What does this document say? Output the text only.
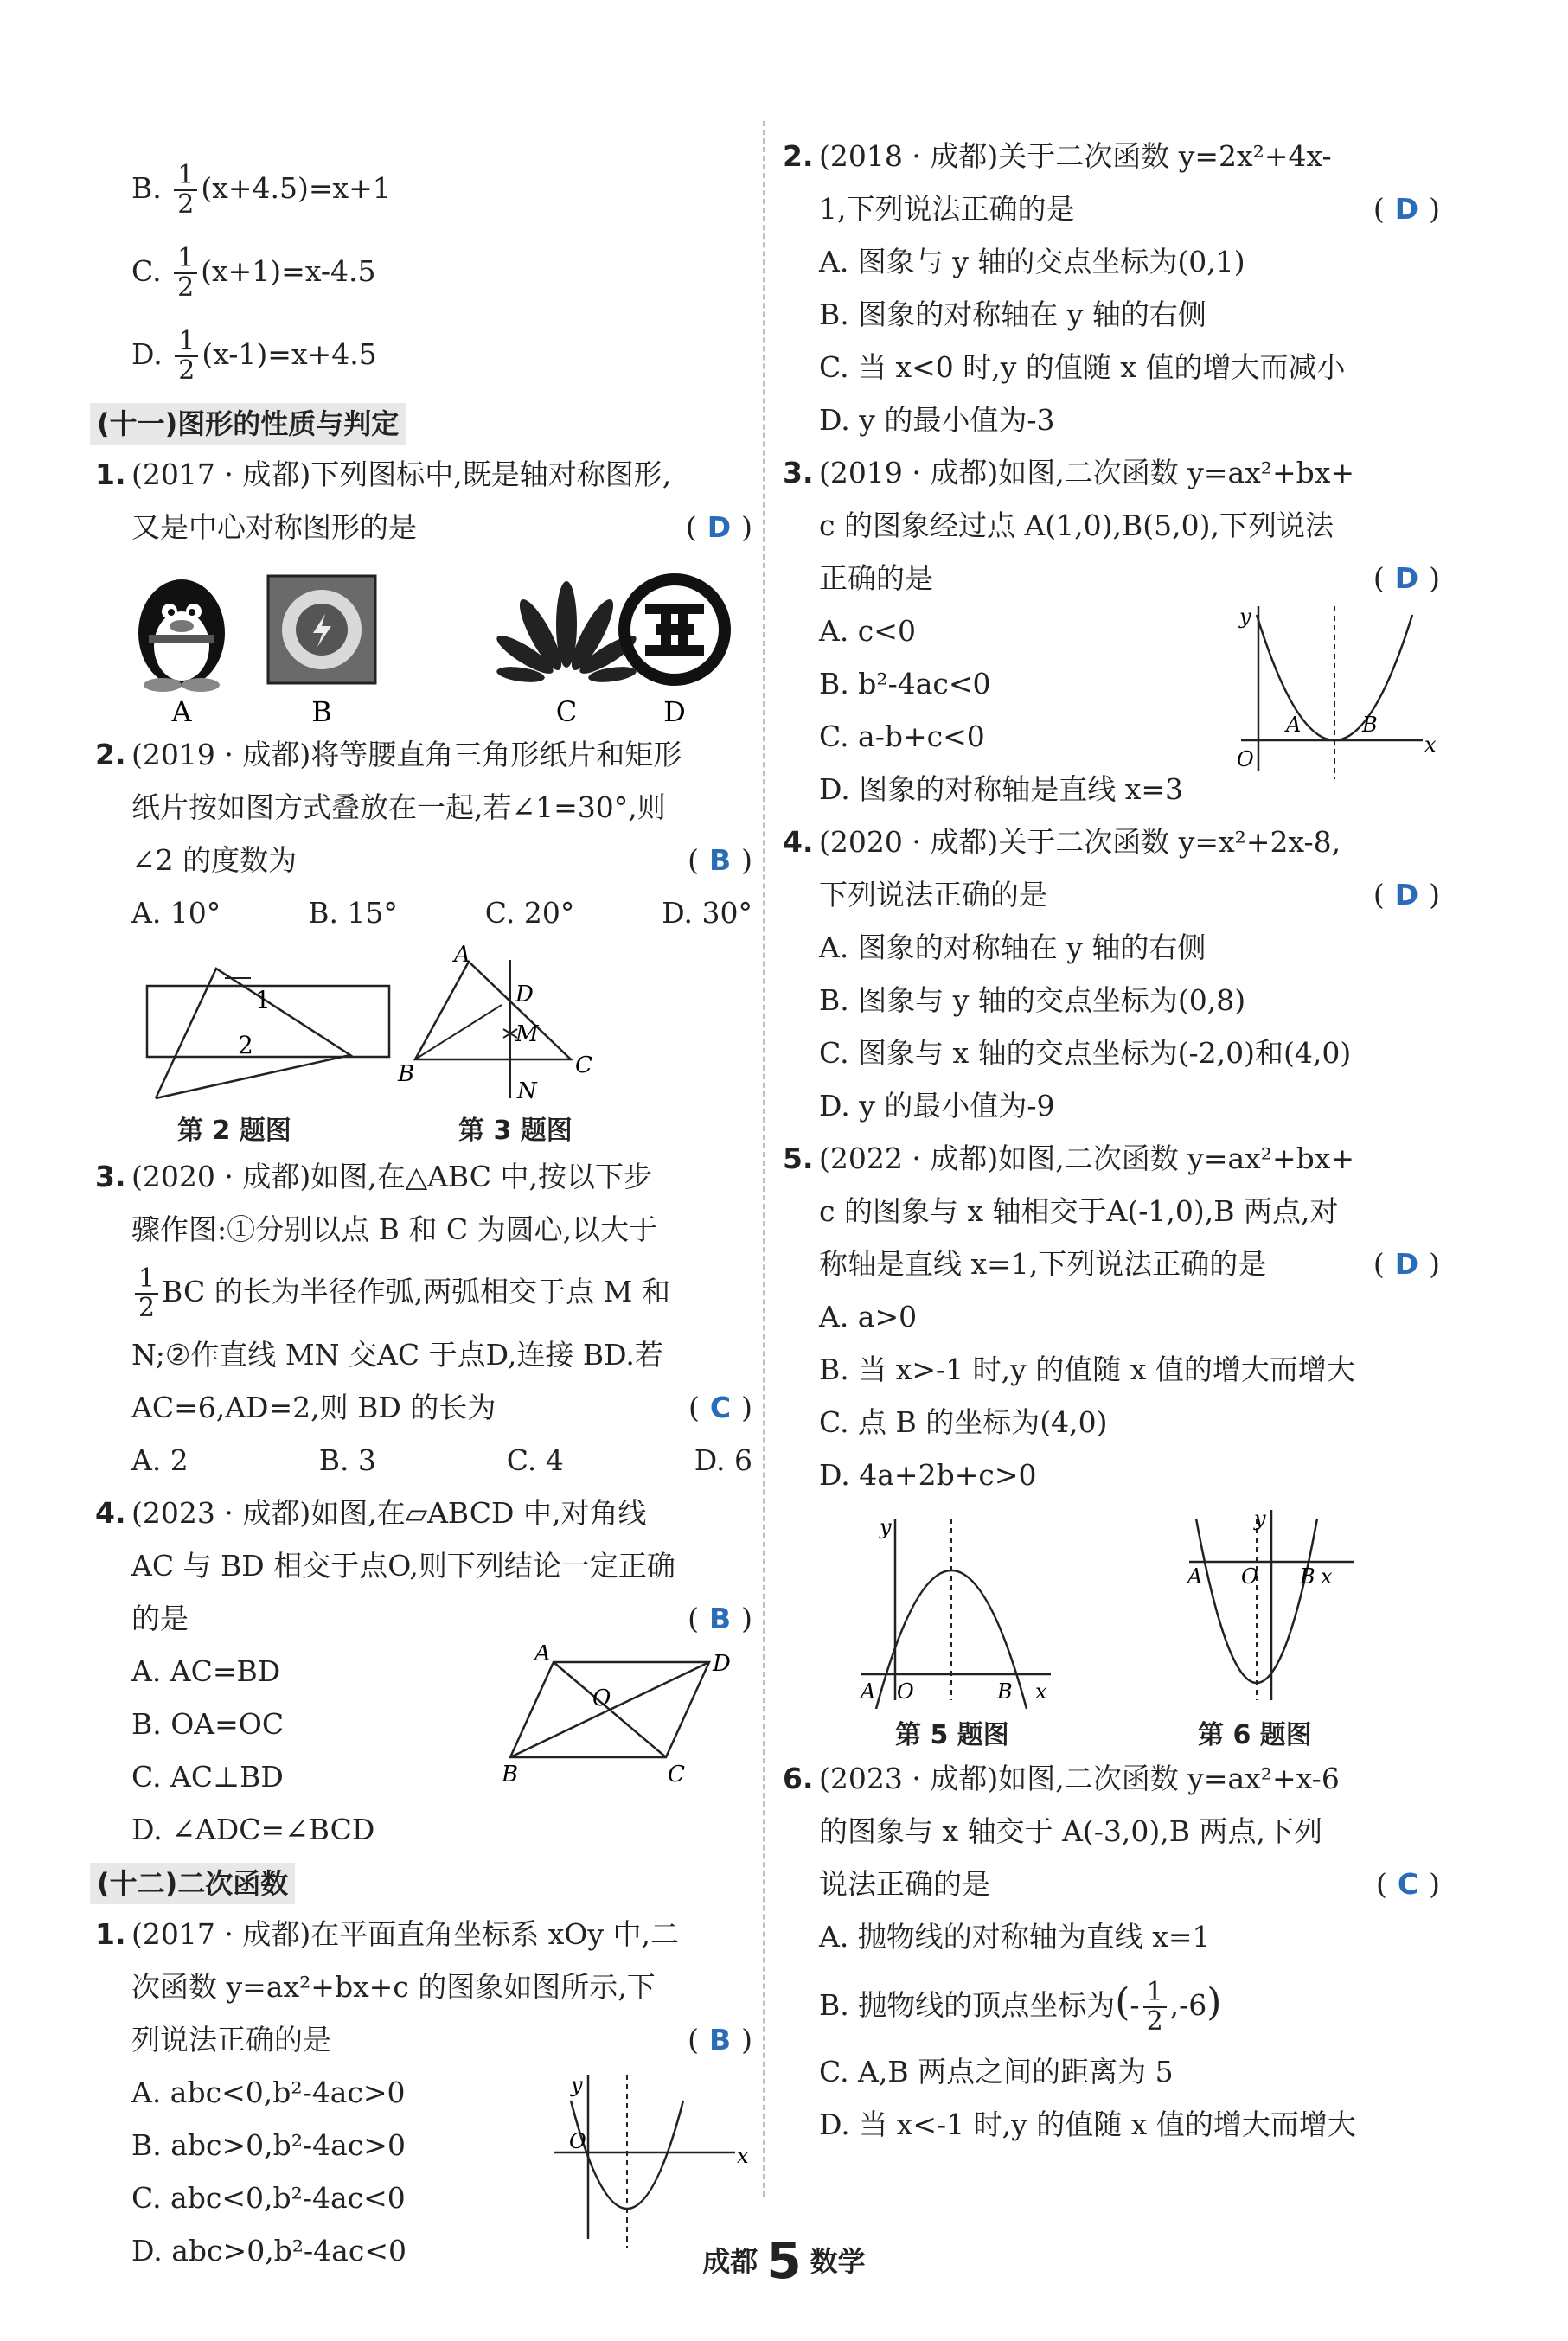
B. $\frac{1}{2} (x+4.5)=x+1$
C. $\frac{1}{2} (x+1)=x-4.5$
D. $\frac{1}{2} (x-1)=x+4.5$
(十一)图形的性质与判定
1. (2017 · 成都)下列图标中,既是轴对称图形,
又是中心对称图形的是	( D )
A	B	C	D
2. (2019 · 成都)将等腰直角三角形纸片和矩形
纸片按如图方式叠放在一起,若∠1=30°,则
∠2 的度数为	( B )
A. 10°	B. 15°	C. 20°	D. 30°
1
2
A
D
M
B	C
N
第 2 题图	第 3 题图
3. (2020 · 成都)如图,在△ABC 中,按以下步
骤作图:①分别以点 B 和 C 为圆心,以大于
$\frac{1}{2}$ BC 的长为半径作弧,两弧相交于点 M 和
N;②作直线 MN 交AC 于点D,连接 BD.若
AC=6,AD=2,则 BD 的长为	( C )
A. 2	B. 3	C. 4	D. 6
4. (2023 · 成都)如图,在▱ABCD 中,对角线
AC 与 BD 相交于点O,则下列结论一定正确
的是	( B )
A. AC=BD
B. OA=OC
C. AC⊥BD
D. ∠ADC=∠BCD
A	D
O
B	C
(十二)二次函数
1. (2017 · 成都)在平面直角坐标系 xOy 中,二
次函数 y=ax²+bx+c 的图象如图所示,下
列说法正确的是	( B )
A. abc<0,b²-4ac>0
B. abc>0,b²-4ac>0
C. abc<0,b²-4ac<0
D. abc>0,b²-4ac<0
y
O
x
2. (2018 · 成都)关于二次函数 y=2x²+4x-
1,下列说法正确的是	( D )
A. 图象与 y 轴的交点坐标为(0,1)
B. 图象的对称轴在 y 轴的右侧
C. 当 x<0 时,y 的值随 x 值的增大而减小
D. y 的最小值为-3
3. (2019 · 成都)如图,二次函数 y=ax²+bx+
c 的图象经过点 A(1,0),B(5,0),下列说法
正确的是	( D )
A. c<0
B. b²-4ac<0
C. a-b+c<0
D. 图象的对称轴是直线 x=3
y
O
A	B
x
4. (2020 · 成都)关于二次函数 y=x²+2x-8,
下列说法正确的是	( D )
A. 图象的对称轴在 y 轴的右侧
B. 图象与 y 轴的交点坐标为(0,8)
C. 图象与 x 轴的交点坐标为(-2,0)和(4,0)
D. y 的最小值为-9
5. (2022 · 成都)如图,二次函数 y=ax²+bx+
c 的图象与 x 轴相交于A(-1,0),B 两点,对
称轴是直线 x=1,下列说法正确的是	( D )
A. a>0
B. 当 x>-1 时,y 的值随 x 值的增大而增大
C. 点 B 的坐标为(4,0)
D. 4a+2b+c>0
y
A O	B x
y
A O B x
第 5 题图	第 6 题图
6. (2023 · 成都)如图,二次函数 y=ax²+x-6
的图象与 x 轴交于 A(-3,0),B 两点,下列
说法正确的是	( C )
A. 抛物线的对称轴为直线 x=1
B. 抛物线的顶点坐标为(- $\frac{1}{2} ,-6$)
C. A,B 两点之间的距离为 5
D. 当 x<-1 时,y 的值随 x 值的增大而增大
成都 5 数学
